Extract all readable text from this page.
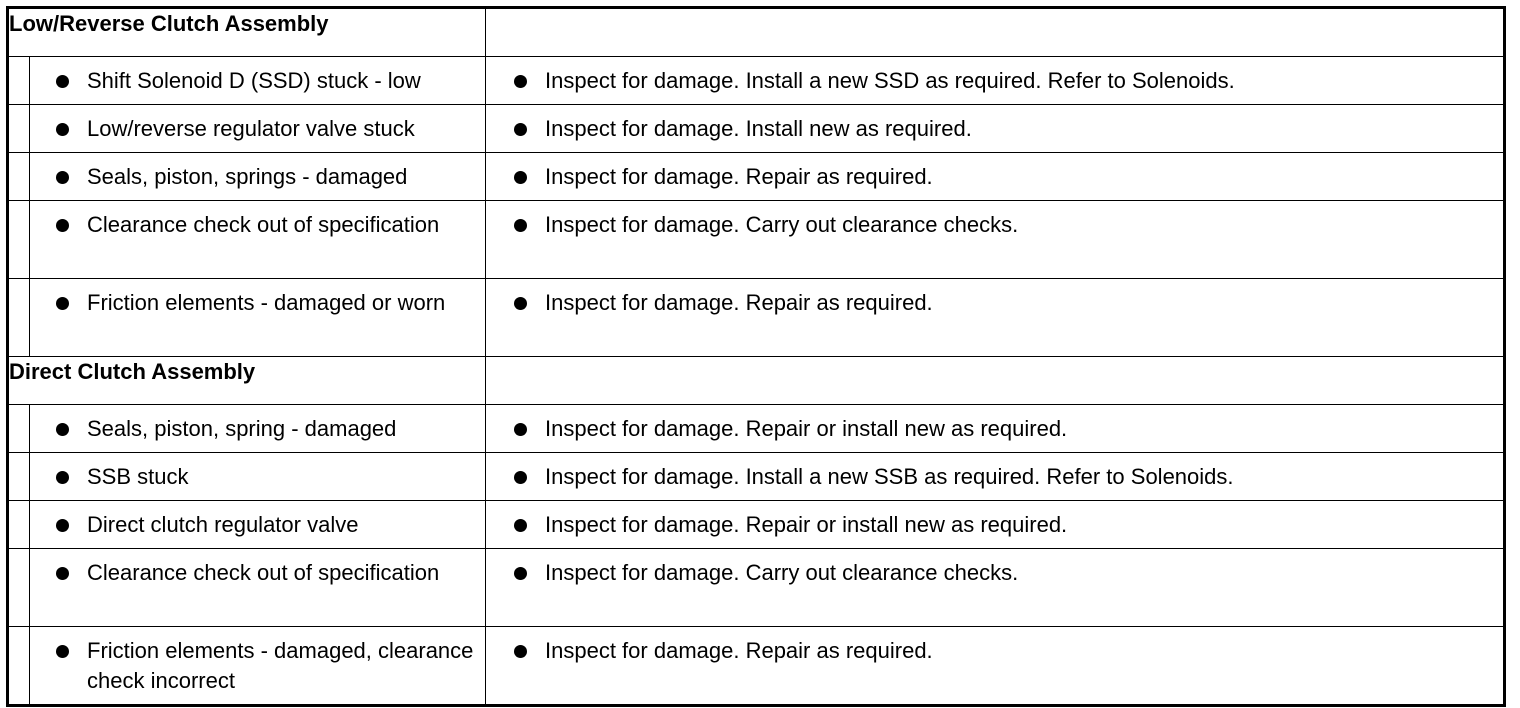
Low/Reverse Clutch Assembly		

Shift Solenoid D (SSD) stuck - low	Inspect for damage. Install a new SSD as required. Refer to Solenoids.

Low/reverse regulator valve stuck	Inspect for damage. Install new as required.

Seals, piston, springs - damaged	Inspect for damage. Repair as required.

Clearance check out of specification	Inspect for damage. Carry out clearance checks.

Friction elements - damaged or worn	Inspect for damage. Repair as required.
Direct Clutch Assembly		

Seals, piston, spring - damaged	Inspect for damage. Repair or install new as required.

SSB stuck	Inspect for damage. Install a new SSB as required. Refer to Solenoids.

Direct clutch regulator valve	Inspect for damage. Repair or install new as required.

Clearance check out of specification	Inspect for damage. Carry out clearance checks.

Friction elements - damaged, clearance check incorrect	Inspect for damage. Repair as required.
